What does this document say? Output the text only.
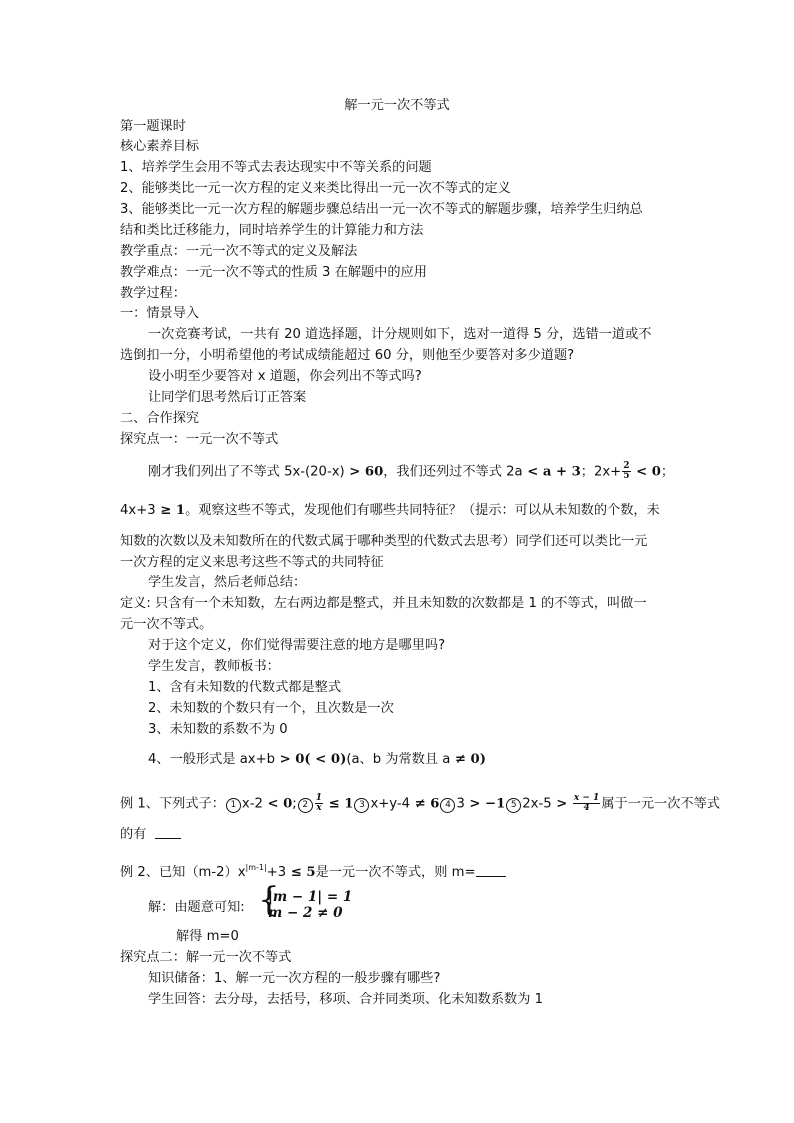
解一元一次不等式
第一题课时
核心素养目标
1、培养学生会用不等式去表达现实中不等关系的问题
2、能够类比一元一次方程的定义来类比得出一元一次不等式的定义
3、能够类比一元一次方程的解题步骤总结出一元一次不等式的解题步骤，培养学生归纳总
结和类比迁移能力，同时培养学生的计算能力和方法
教学重点：一元一次不等式的定义及解法
教学难点：一元一次不等式的性质 3 在解题中的应用
教学过程：
一：情景导入
一次竞赛考试，一共有 20 道选择题，计分规则如下，选对一道得 5 分，选错一道或不
选倒扣一分，小明希望他的考试成绩能超过 60 分，则他至少要答对多少道题?
设小明至少要答对 x 道题，你会列出不等式吗?
让同学们思考然后订正答案
二、合作探究
探究点一：一元一次不等式
刚才我们列出了不等式 5x-(20-x) > 60，我们还列过不等式 2a < a + 3；$2x+ \frac{2}{5} < 0$；
4x+3 ≥ 1。观察这些不等式，发现他们有哪些共同特征？（提示：可以从未知数的个数，未
知数的次数以及未知数所在的代数式属于哪种类型的代数式去思考）同学们还可以类比一元
一次方程的定义来思考这些不等式的共同特征
学生发言，然后老师总结：
定义: 只含有一个未知数，左右两边都是整式，并且未知数的次数都是 1 的不等式，叫做一
元一次不等式。
对于这个定义，你们觉得需要注意的地方是哪里吗?
学生发言，教师板书：
1、含有未知数的代数式都是整式
2、未知数的个数只有一个，且次数是一次
3、未知数的系数不为 0
4、一般形式是 ax+b > 0( < 0)(a、b 为常数且 a ≠ 0)
例 1、下列式子： 1 x-2 < 0; $2 \frac{1}{x} \le 1$ 3 x+y-4 ≠ 6 4 3 > −1 5 $2x-5 > \frac{x - 1}{4}$ 属于一元一次不等式
的有
例 2、已知$(m-2)x^{|m-1|}+3 \le 5$是一元一次不等式，则 m=
解：由题意可知: {
|m − 1| = 1
m − 2 ≠ 0
解得 m=0
探究点二：解一元一次不等式
知识储备：1、解一元一次方程的一般步骤有哪些?
学生回答：去分母，去括号，移项、合并同类项、化未知数系数为 1
